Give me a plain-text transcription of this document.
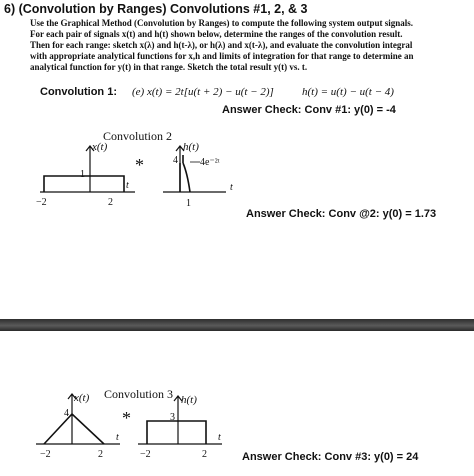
6) (Convolution by Ranges) Convolutions #1, 2, & 3
Use the Graphical Method (Convolution by Ranges) to compute the following system output signals.
For each pair of signals x(t) and h(t) shown below, determine the ranges of the convolution result.
Then for each range: sketch x(λ) and h(t-λ), or h(λ) and x(t-λ), and evaluate the convolution integral
with appropriate analytical functions for x,h and limits of integration for that range to determine an
analytical function for y(t) in that range. Sketch the total result y(t) vs. t.
Convolution 1: (e) x(t) = 2t[u(t + 2) − u(t − 2)]	h(t) = u(t) − u(t − 4)
Answer Check: Conv #1: y(0) = -4
Convolution 2
x(t)
1
−2	2
t
*
h(t)
4 4e⁻²ᵗ
1
t
Answer Check: Conv @2: y(0) = 1.73
Convolution 3
x(t)
4
−2	2
t
*
h(t)
3
−2	2
t
Answer Check: Conv #3: y(0) = 24
